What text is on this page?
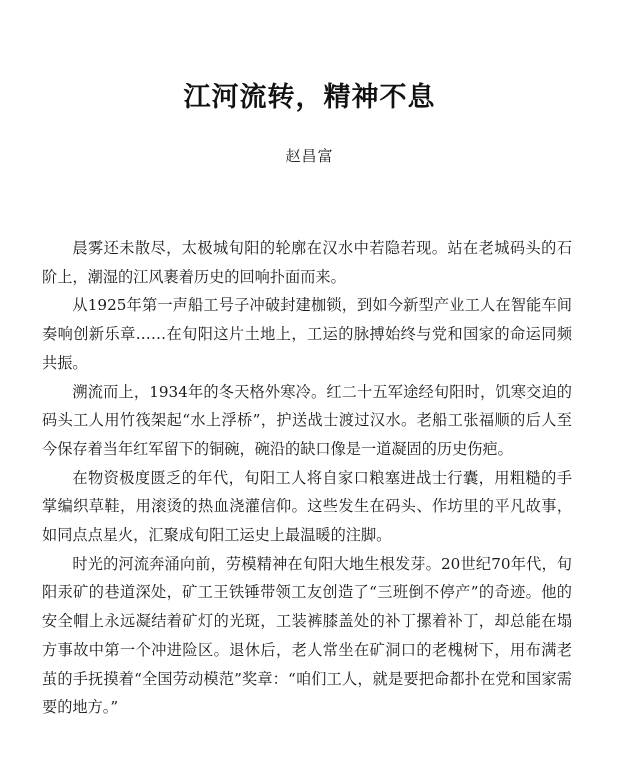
江河流转，精神不息
赵昌富

晨雾还未散尽，太极城旬阳的轮廓在汉水中若隐若现。站在老城码头的石阶上，潮湿的江风裹着历史的回响扑面而来。

从1925年第一声船工号子冲破封建枷锁，到如今新型产业工人在智能车间奏响创新乐章……在旬阳这片土地上，工运的脉搏始终与党和国家的命运同频共振。

溯流而上，1934年的冬天格外寒冷。红二十五军途经旬阳时，饥寒交迫的码头工人用竹筏架起“水上浮桥”，护送战士渡过汉水。老船工张福顺的后人至今保存着当年红军留下的铜碗，碗沿的缺口像是一道凝固的历史伤疤。

在物资极度匮乏的年代，旬阳工人将自家口粮塞进战士行囊，用粗糙的手掌编织草鞋，用滚烫的热血浇灌信仰。这些发生在码头、作坊里的平凡故事，如同点点星火，汇聚成旬阳工运史上最温暖的注脚。

时光的河流奔涌向前，劳模精神在旬阳大地生根发芽。20世纪70年代，旬阳汞矿的巷道深处，矿工王铁锤带领工友创造了“三班倒不停产”的奇迹。他的安全帽上永远凝结着矿灯的光斑，工装裤膝盖处的补丁摞着补丁，却总能在塌方事故中第一个冲进险区。退休后，老人常坐在矿洞口的老槐树下，用布满老茧的手抚摸着“全国劳动模范”奖章：“咱们工人，就是要把命都扑在党和国家需要的地方。”
